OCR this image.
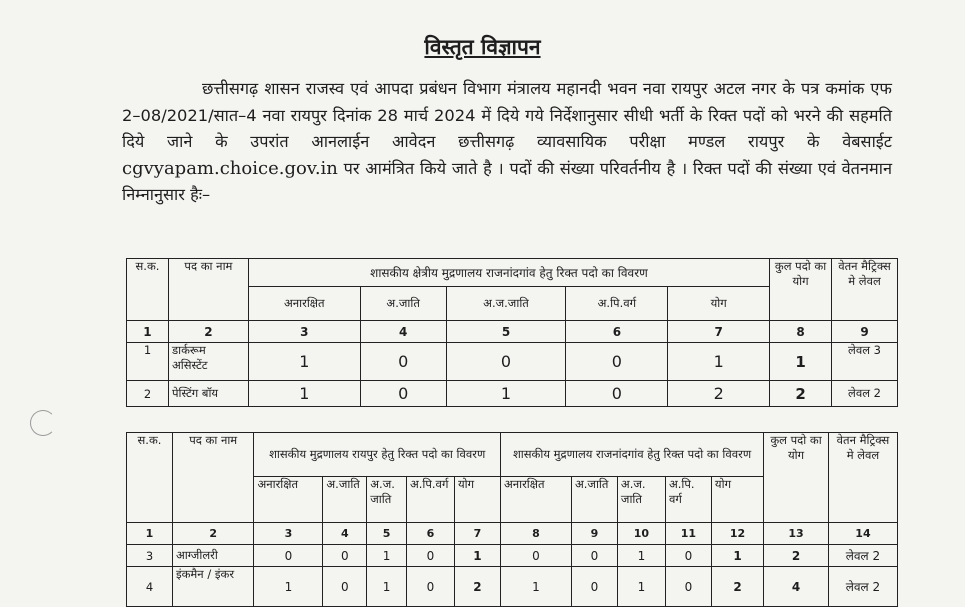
विस्तृत विज्ञापन
छत्तीसगढ़ शासन राजस्व एवं आपदा प्रबंधन विभाग मंत्रालय महानदी भवन नवा रायपुर अटल नगर के पत्र कमांक एफ 2–08/2021/सात–4 नवा रायपुर दिनांक 28 मार्च 2024 में दिये गये निर्देशानुसार सीधी भर्ती के रिक्त पदों को भरने की सहमति दिये जाने के उपरांत आनलाईन आवेदन छत्तीसगढ़ व्यावसायिक परीक्षा मण्डल रायपुर के वेबसाईट cgvyapam.choice.gov.in पर आमंत्रित किये जाते है । पदों की संख्या परिवर्तनीय है । रिक्त पदों की संख्या एवं वेतनमान निम्नानुसार हैः–
स.क.	पद का नाम	शासकीय क्षेत्रीय मुद्रणालय राजनांदगांव हेतु रिक्त पदो का विवरण					कुल पदो का योग	वेतन मैट्रिक्स मे लेवल
		अनारक्षित	अ.जाति	अ.ज.जाति	अ.पि.वर्ग	योग		
1	2	3	4	5	6	7	8	9
1	डार्करूम असिस्टेंट	1	0	0	0	1	1	लेवल 3
2	पेस्टिंग बॉय	1	0	1	0	2	2	लेवल 2
स.क.	पद का नाम	शासकीय मुद्रणालय रायपुर हेतु रिक्त पदो का विवरण					शासकीय मुद्रणालय राजनांदगांव हेतु रिक्त पदो का विवरण					कुल पदो का योग	वेतन मैट्रिक्स मे लेवल
		अनारक्षित	अ.जाति	अ.ज. जाति	अ.पि.वर्ग	योग	अनारक्षित	अ.जाति	अ.ज. जाति	अ.पि. वर्ग	योग		
1	2	3	4	5	6	7	8	9	10	11	12	13	14
3	आग्जीलरी	0	0	1	0	1	0	0	1	0	1	2	लेवल 2
4	इंकमैन / इंकर	1	0	1	0	2	1	0	1	0	2	4	लेवल 2
